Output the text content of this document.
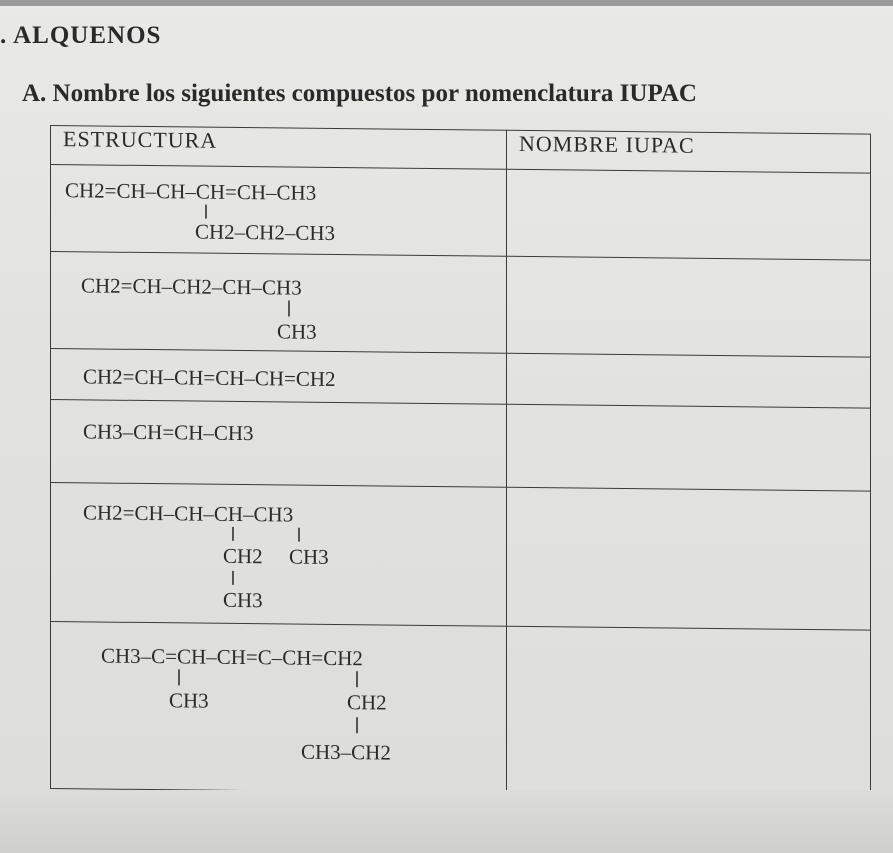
. ALQUENOS
A. Nombre los siguientes compuestos por nomenclatura IUPAC
ESTRUCTURA	NOMBRE IUPAC

CH2=CH–CH–CH=CH–CH3
CH2–CH2–CH3	

CH2=CH–CH2–CH–CH3
CH3	

CH2=CH–CH=CH–CH=CH2	

CH3–CH=CH–CH3	

CH2=CH–CH–CH–CH3
CH2 CH3
CH3	

CH3–C=CH–CH=C–CH=CH2
CH3 CH2
CH3–CH2	
